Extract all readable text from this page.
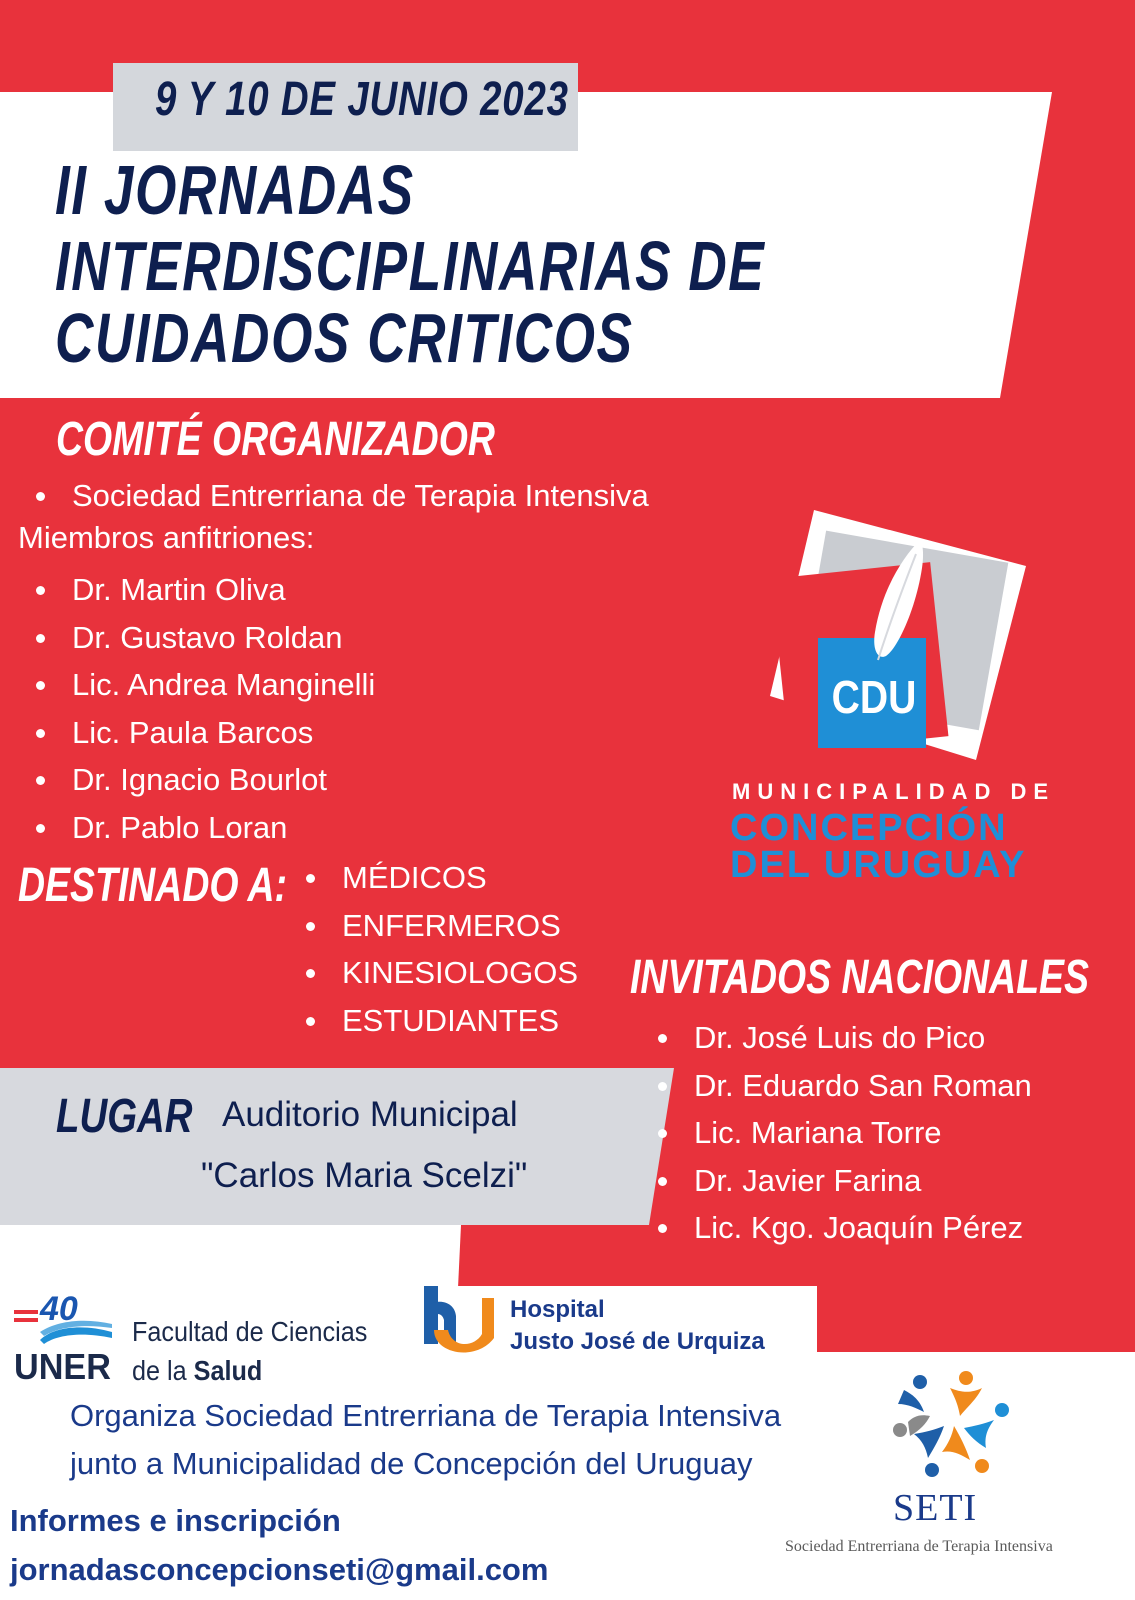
9 Y 10 DE JUNIO 2023
II JORNADAS
INTERDISCIPLINARIAS DE
CUIDADOS CRITICOS
COMITÉ ORGANIZADOR
Sociedad Entrerriana de Terapia Intensiva
Miembros anfitriones:
Dr. Martin Oliva
Dr. Gustavo Roldan
Lic. Andrea Manginelli
Lic. Paula Barcos
Dr. Ignacio Bourlot
Dr. Pablo Loran
DESTINADO A:	MÉDICOS
ENFERMEROS
KINESIOLOGOS
ESTUDIANTES
CDU
MUNICIPALIDAD DE
CONCEPCIÓN
DEL URUGUAY
INVITADOS NACIONALES
Dr. José Luis do Pico
Dr. Eduardo San Roman
Lic. Mariana Torre
Dr. Javier Farina
Lic. Kgo. Joaquín Pérez
LUGAR Auditorio Municipal
"Carlos Maria Scelzi"
40
UNER
Facultad de Ciencias
de la Salud
Hospital
Justo José de Urquiza
Organiza Sociedad Entrerriana de Terapia Intensiva
junto a Municipalidad de Concepción del Uruguay
Informes e inscripción
jornadasconcepcionseti@gmail.com
SETI
Sociedad Entrerriana de Terapia Intensiva
